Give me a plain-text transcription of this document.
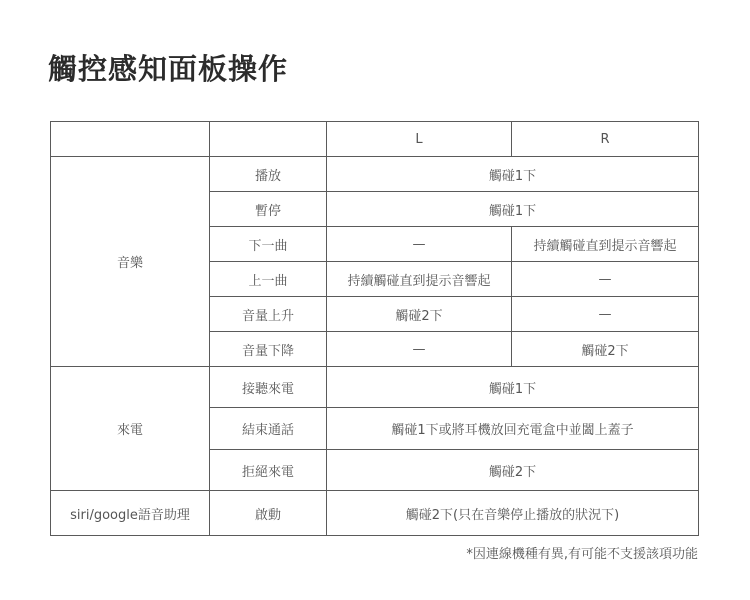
觸控感知面板操作
		L	R
音樂	播放	觸碰1下	
	暫停	觸碰1下	
	下一曲	—	持續觸碰直到提示音響起
	上一曲	持續觸碰直到提示音響起	—
	音量上升	觸碰2下	—
	音量下降	—	觸碰2下
來電	接聽來電	觸碰1下	
	結束通話	觸碰1下或將耳機放回充電盒中並闔上蓋子	
	拒絕來電	觸碰2下	
siri/google語音助理	啟動	觸碰2下(只在音樂停止播放的狀況下)	
*因連線機種有異,有可能不支援該項功能
